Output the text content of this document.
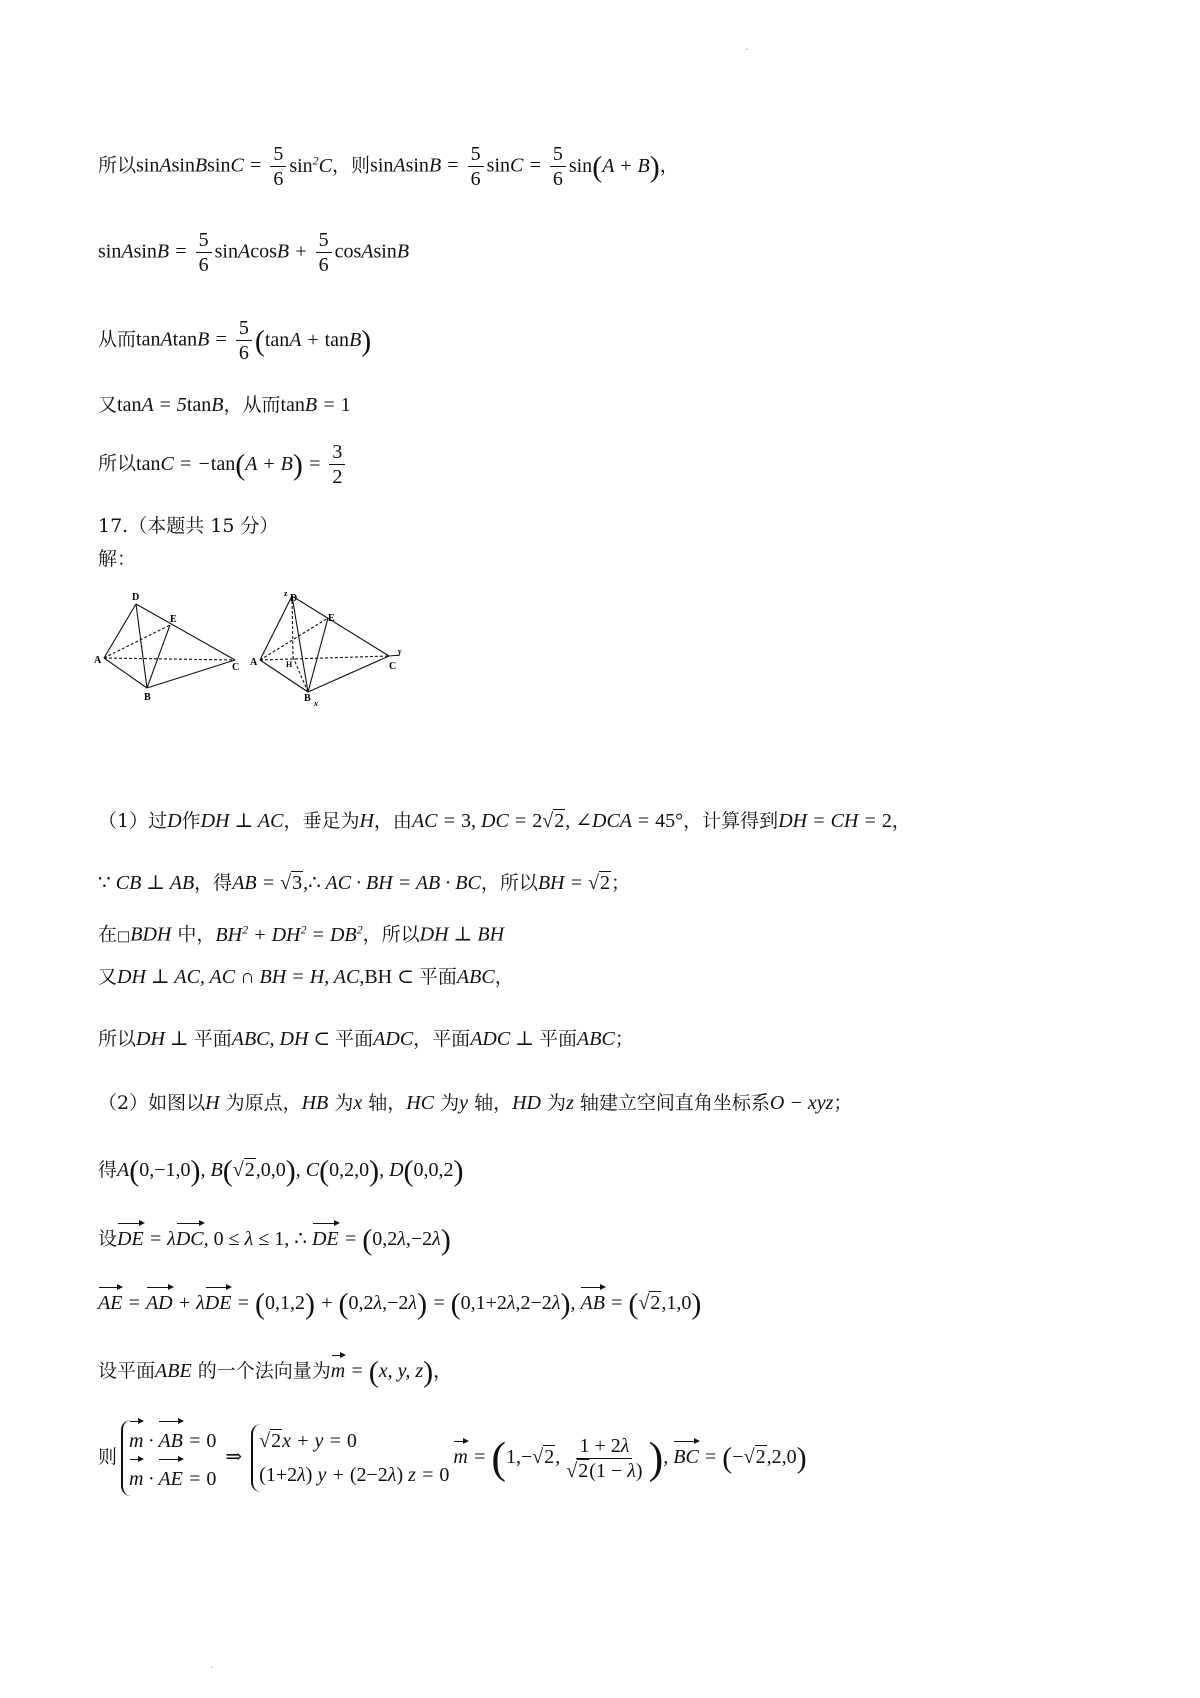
-
所以sinAsinBsinC = $\frac{5}{6} \sin^2C$，则sinAsinB = $\frac{5}{6}$ $\sin C = \frac{5}{6} \sin(A + B)$，
sinAsinB = $\frac{5}{6}$ sinAcosB + $\frac{5}{6}$ cosAsinB
从而tanAtanB = $\frac{5}{6} (\tan A + \tan B)$
又tanA = 5tanB，从而tanB = 1
所以$\tan C = -\tan(A + B) = \frac{3}{2}$
17.（本题共 15 分）
解：
D
E
A
B
C
z D
E
A	H
B x
y
C
（1）过D作DH ⊥ AC，垂足为H，由AC = 3, DC = 2√2, ∠DCA = 45°，计算得到DH = CH = 2，
∵ CB ⊥ AB，得AB = √3,∴ AC · BH = AB · BC，所以BH = √2；
在□BDH 中，$BH^2 + DH^2 = DB^2$，所以DH ⊥ BH
又DH ⊥ AC, AC ∩ BH = H, AC,BH ⊂ 平面ABC，
所以DH ⊥ 平面ABC, DH ⊂ 平面ADC，平面ADC ⊥ 平面ABC；
（2）如图以H 为原点，HB 为x 轴，HC 为y 轴，HD 为z 轴建立空间直角坐标系O − xyz；
得A(0,−1,0), B(√2,0,0), C(0,2,0), D(0,0,2)
设DE = λDC, 0 ≤ λ ≤ 1, ∴ DE = (0,2λ,−2λ)
AE = AD + λDE = (0,1,2) + (0,2λ,−2λ) = (0,1+2λ,2−2λ), AB = (√2,1,0)
设平面ABE 的一个法向量为m = (x, y, z)，
则
m · AB = 0
m · AE = 0
⇒
√2x + y = 0
(1+2λ) y + (2−2λ) z = 0
m = (1,−√2, $\frac{1 + 2\lambda}{√2(1 - \lambda)}$ ), BC = (−√2,2,0)
.
